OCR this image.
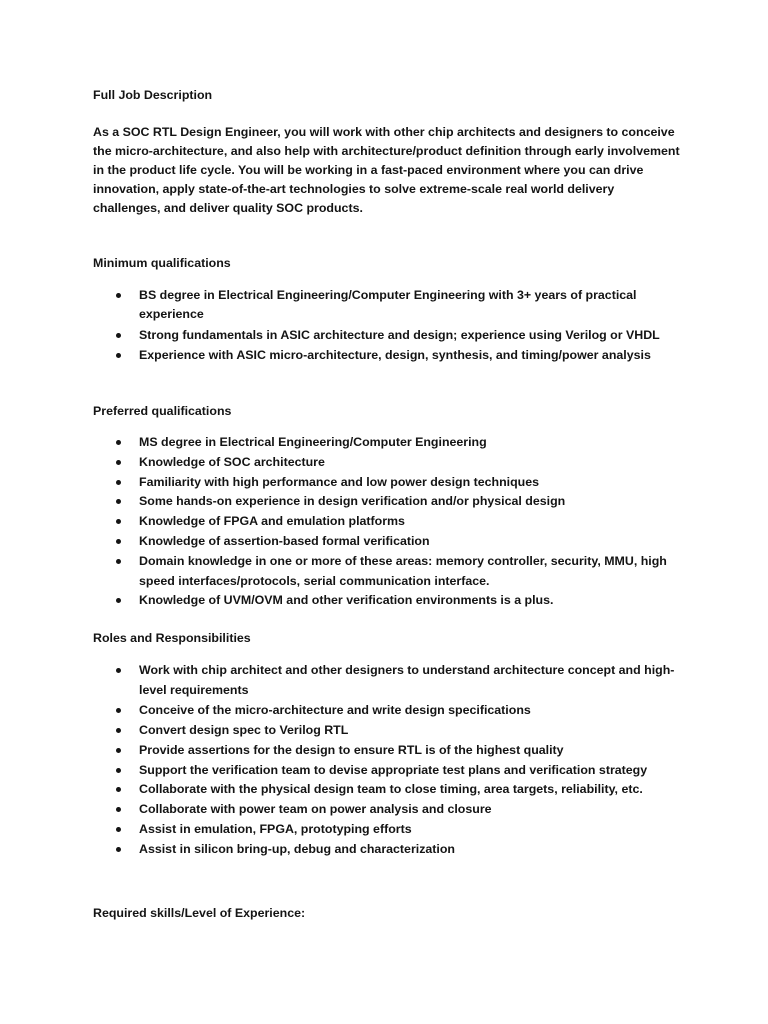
Full Job Description

As a SOC RTL Design Engineer, you will work with other chip architects and designers to conceive the micro-architecture, and also help with architecture/product definition through early involvement in the product life cycle. You will be working in a fast-paced environment where you can drive innovation, apply state-of-the-art technologies to solve extreme-scale real world delivery challenges, and deliver quality SOC products.

Minimum qualifications

BS degree in Electrical Engineering/Computer Engineering with 3+ years of practical experience
Strong fundamentals in ASIC architecture and design; experience using Verilog or VHDL
Experience with ASIC micro-architecture, design, synthesis, and timing/power analysis

Preferred qualifications

MS degree in Electrical Engineering/Computer Engineering
Knowledge of SOC architecture
Familiarity with high performance and low power design techniques
Some hands-on experience in design verification and/or physical design
Knowledge of FPGA and emulation platforms
Knowledge of assertion-based formal verification
Domain knowledge in one or more of these areas: memory controller, security, MMU, high speed interfaces/protocols, serial communication interface.
Knowledge of UVM/OVM and other verification environments is a plus.

Roles and Responsibilities

Work with chip architect and other designers to understand architecture concept and high-level requirements
Conceive of the micro-architecture and write design specifications
Convert design spec to Verilog RTL
Provide assertions for the design to ensure RTL is of the highest quality
Support the verification team to devise appropriate test plans and verification strategy
Collaborate with the physical design team to close timing, area targets, reliability, etc.
Collaborate with power team on power analysis and closure
Assist in emulation, FPGA, prototyping efforts
Assist in silicon bring-up, debug and characterization

Required skills/Level of Experience:
